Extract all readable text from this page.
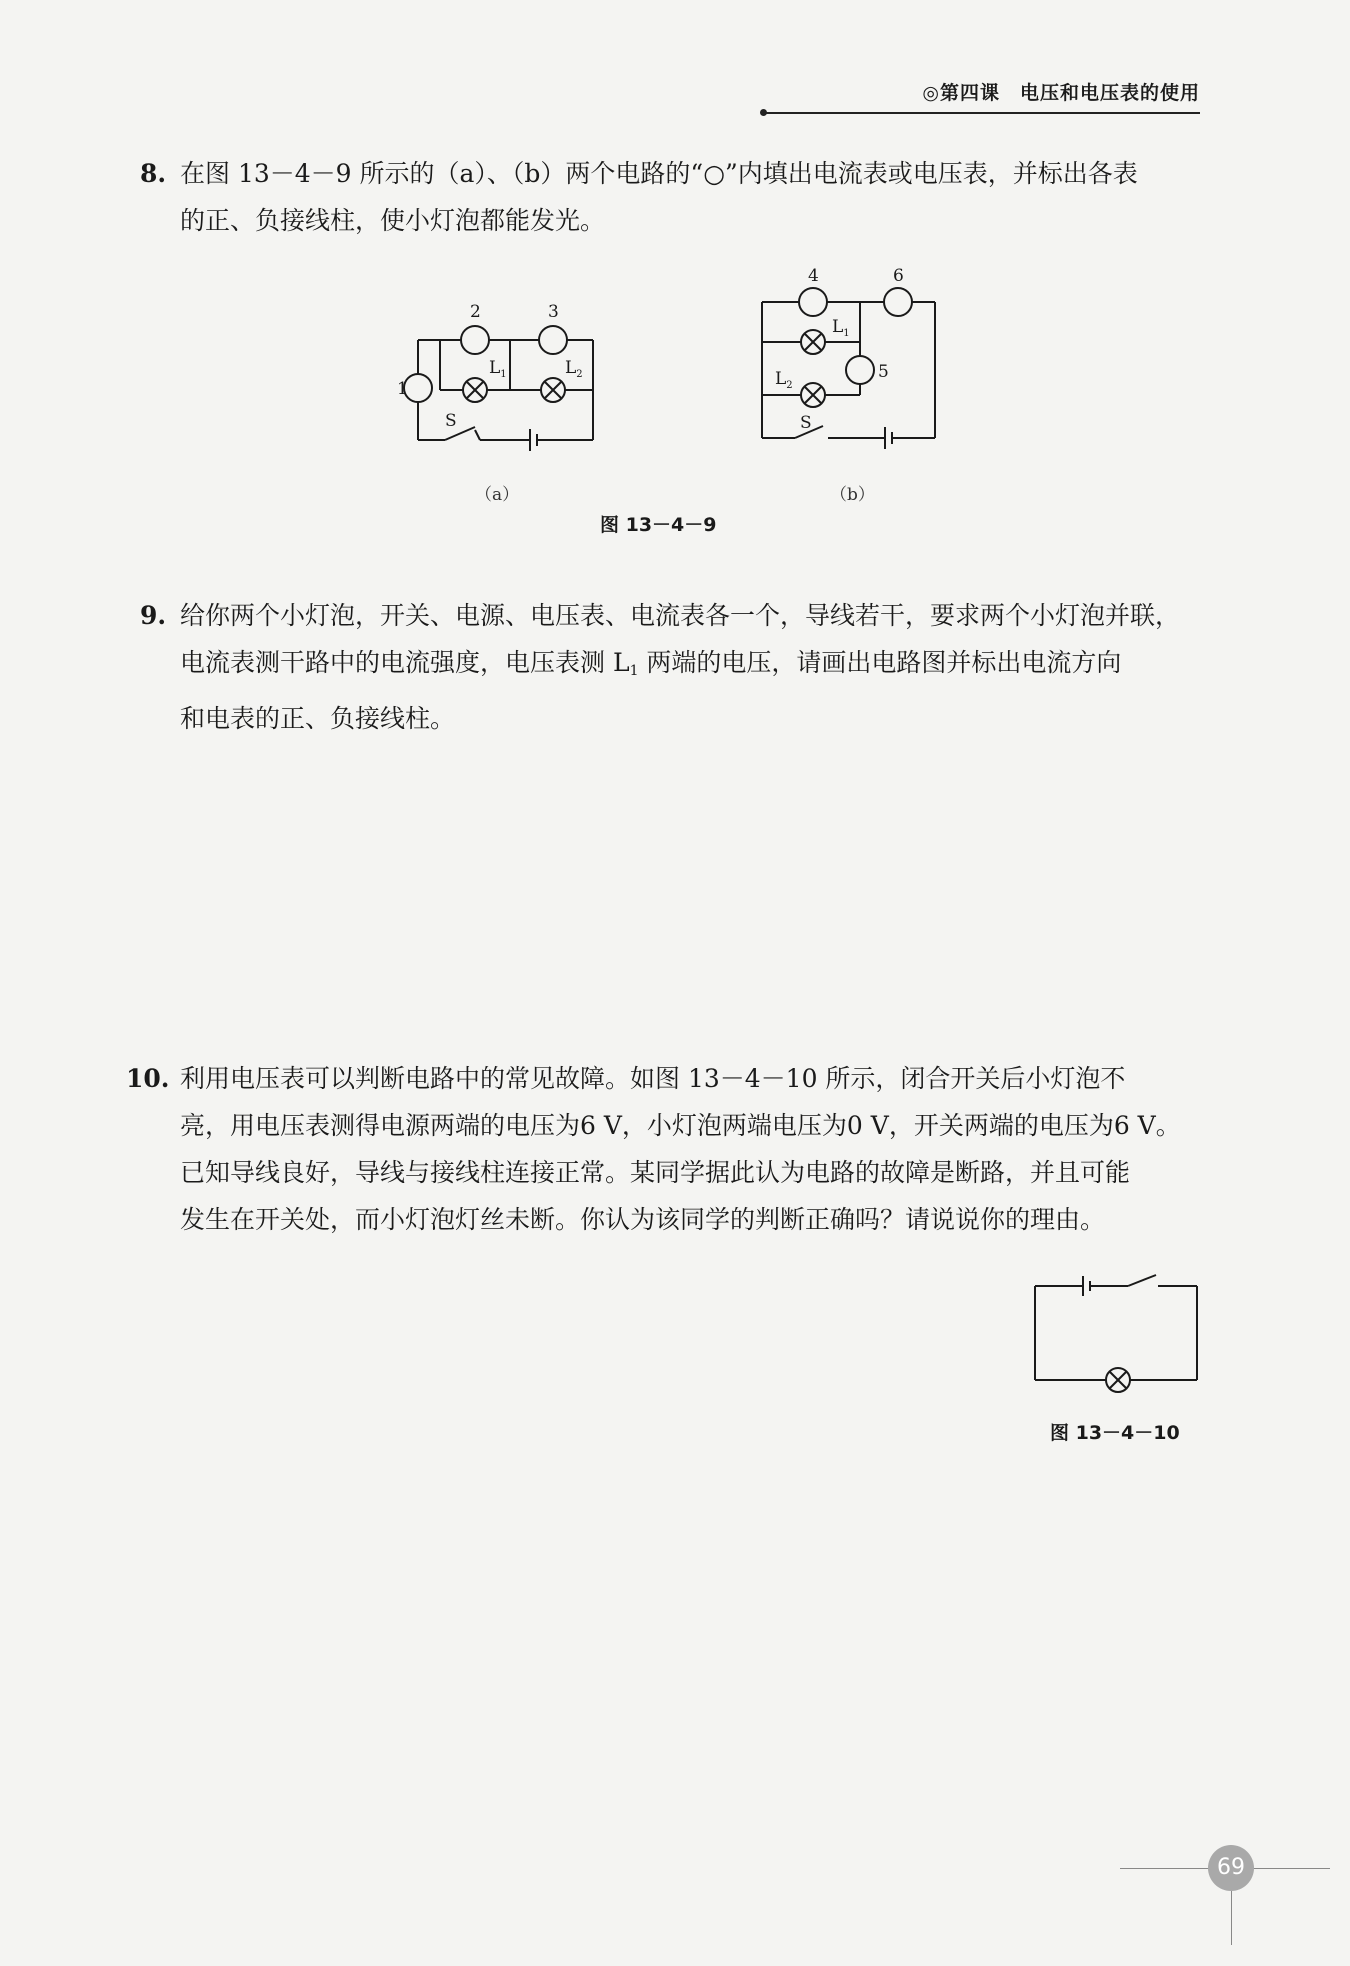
◎第四课　电压和电压表的使用
8. 在图 13－4－9 所示的（a）、（b）两个电路的“○”内填出电流表或电压表，并标出各表

的正、负接线柱，使小灯泡都能发光。

1
2	3
$L_1$	$L_2$
S
（a）
4	6
5
$L_1$
$L_2$
S
（b）
图 13－4－9
9. 给你两个小灯泡，开关、电源、电压表、电流表各一个，导线若干，要求两个小灯泡并联，

电流表测干路中的电流强度，电压表测 $L_1$ 两端的电压，请画出电路图并标出电流方向

和电表的正、负接线柱。

10. 利用电压表可以判断电路中的常见故障。如图 13－4－10 所示，闭合开关后小灯泡不

亮，用电压表测得电源两端的电压为6 V，小灯泡两端电压为0 V，开关两端的电压为6 V。

已知导线良好，导线与接线柱连接正常。某同学据此认为电路的故障是断路，并且可能

发生在开关处，而小灯泡灯丝未断。你认为该同学的判断正确吗？请说说你的理由。

图 13－4－10
69
